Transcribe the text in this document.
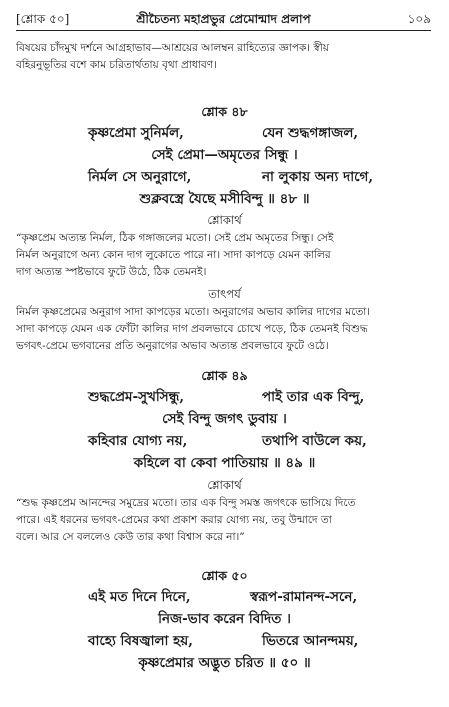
[শ্লোক ৫০]	শ্রীচৈতন্য মহাপ্রভুর প্রেমোন্মাদ প্রলাপ	১০৯
বিষয়ের চাঁদমুখ দর্শনে আগ্রহাভাব—আশ্রয়ের আলম্বন রাহিত্যের জ্ঞাপক। স্বীয়
বহিরনুভূতির বশে কাম চরিতার্থতায় বৃথা প্রাধাবণ।
শ্লোক ৪৮
কৃষ্ণপ্রেমা সুনির্মল,	যেন শুদ্ধগঙ্গাজল,
সেই প্রেমা—অমৃতের সিন্ধু ।
নির্মল সে অনুরাগে,	না লুকায় অন্য দাগে,
শুক্লবস্ত্রে যৈছে মসীবিন্দু ॥ ৪৮ ॥
শ্লোকার্থ
“কৃষ্ণপ্রেম অত্যন্ত নির্মল, ঠিক গঙ্গাজলের মতো। সেই প্রেম অমৃতের সিন্ধু। সেই
নির্মল অনুরাগে অন্য কোন দাগ লুকোতে পারে না। সাদা কাপড়ে যেমন কালির
দাগ অত্যন্ত স্পষ্টভাবে ফুটে উঠে, ঠিক তেমনই।
তাৎপর্য
নির্মল কৃষ্ণপ্রেমের অনুরাগ সাদা কাপড়ের মতো। অনুরাগের অভাব কালির দাগের মতো।
সাদা কাপড়ে যেমন এক ফোঁটা কালির দাগ প্রবলভাবে চোখে পড়ে, ঠিক তেমনই বিশুদ্ধ
ভগবৎ-প্রেমে ভগবানের প্রতি অনুরাগের অভাব অত্যন্ত প্রবলভাবে ফুটে ওঠে।
শ্লোক ৪৯
শুদ্ধপ্রেম-সুখসিন্ধু,	পাই তার এক বিন্দু,
সেই বিন্দু জগৎ ডুবায় ।
কহিবার যোগ্য নয়,	তথাপি বাউলে কয়,
কহিলে বা কেবা পাতিয়ায় ॥ ৪৯ ॥
শ্লোকার্থ
“শুদ্ধ কৃষ্ণপ্রেম আনন্দের সমুদ্রের মতো। তার এক বিন্দু সমস্ত জগৎকে ভাসিয়ে দিতে
পারে। এই ধরনের ভগবৎ-প্রেমের কথা প্রকাশ করার যোগ্য নয়, তবু উন্মাদে তা
বলে। আর সে বললেও কেউ তার কথা বিশ্বাস করে না।”
শ্লোক ৫০
এই মত দিনে দিনে,	স্বরূপ-রামানন্দ-সনে,
নিজ-ভাব করেন বিদিত ।
বাহ্যে বিষজ্বালা হয়,	ভিতরে আনন্দময়,
কৃষ্ণপ্রেমার অদ্ভুত চরিত ॥ ৫০ ॥
